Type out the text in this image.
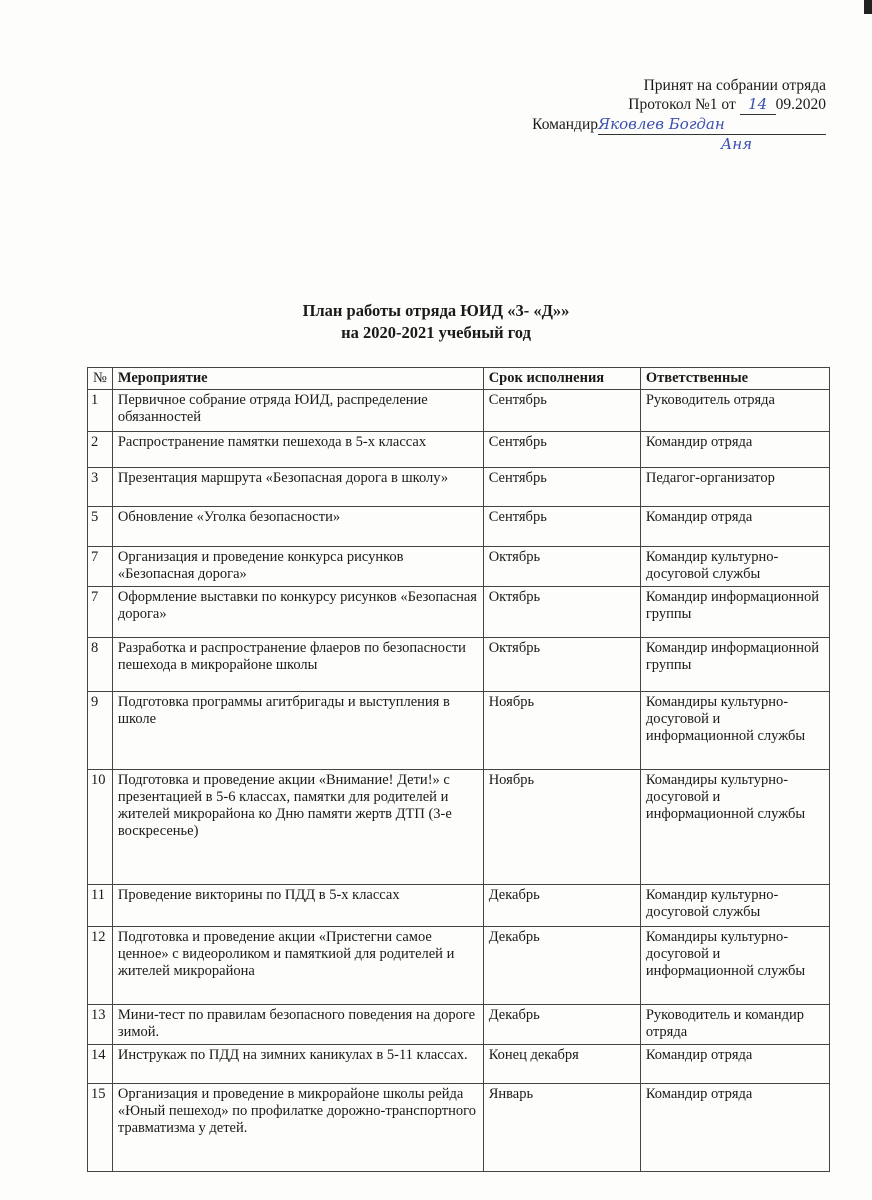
Принят на собрании отряда
Протокол №1 от 14 09.2020
КомандирЯковлев Богдан
Аня
План работы отряда ЮИД «3- «Д»»
на 2020-2021 учебный год
№	Мероприятие	Срок исполнения	Ответственные
1	Первичное собрание отряда ЮИД, распределение обязанностей	Сентябрь	Руководитель отряда
2	Распространение памятки пешехода в 5-х классах	Сентябрь	Командир отряда
3	Презентация маршрута «Безопасная дорога в школу»	Сентябрь	Педагог-организатор
5	Обновление «Уголка безопасности»	Сентябрь	Командир отряда
7	Организация и проведение конкурса рисунков «Безопасная дорога»	Октябрь	Командир культурно-досуговой службы
7	Оформление выставки по конкурсу рисунков «Безопасная дорога»	Октябрь	Командир информационной группы
8	Разработка и распространение флаеров по безопасности пешехода в микрорайоне школы	Октябрь	Командир информационной группы
9	Подготовка программы агитбригады и выступления в школе	Ноябрь	Командиры культурно-досуговой и информационной службы
10	Подготовка и проведение акции «Внимание! Дети!» с презентацией в 5-6 классах, памятки для родителей и жителей микрорайона ко Дню памяти жертв ДТП (3-е воскресенье)	Ноябрь	Командиры культурно-досуговой и информационной службы
11	Проведение викторины по ПДД в 5-х классах	Декабрь	Командир культурно-досуговой службы
12	Подготовка и проведение акции «Пристегни самое ценное» с видеороликом и памяткиой для родителей и жителей микрорайона	Декабрь	Командиры культурно-досуговой и информационной службы
13	Мини-тест по правилам безопасного поведения на дороге зимой.	Декабрь	Руководитель и командир отряда
14	Инструкаж по ПДД на зимних каникулах в 5-11 классах.	Конец декабря	Командир отряда
15	Организация и проведение в микрорайоне школы рейда «Юный пешеход» по профилатке дорожно-транспортного травматизма у детей.	Январь	Командир отряда
